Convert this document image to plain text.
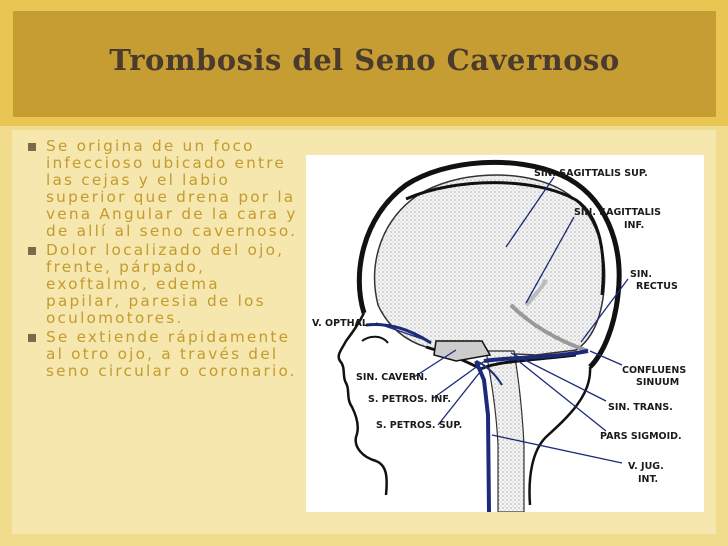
Trombosis del Seno Cavernoso
Se origina de un foco infeccioso ubicado entre las cejas y el labio superior que drena por la vena Angular de la cara y de allí al seno cavernoso.
Dolor localizado del ojo, frente, párpado, exoftalmo, edema papilar, paresia de los oculomotores.
Se extiende rápidamente al otro ojo, a través del seno circular o coronario.
SIN. SAGITTALIS SUP.
SIN. SAGITTALIS
INF.
SIN.
RECTUS
V. OPTHAL.
CONFLUENS
SINUUM
SIN. CAVERN.
SIN. TRANS.
S. PETROS. INF.
PARS SIGMOID.
S. PETROS. SUP.
V. JUG.
INT.
